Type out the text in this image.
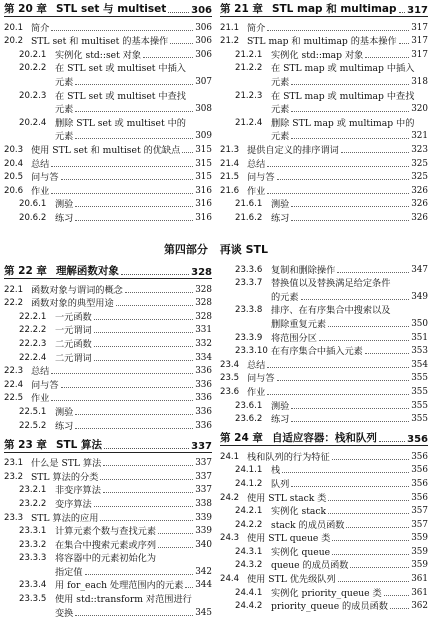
第 20 章 STL set 与 multiset 306
20.1 简介	306
20.2 STL set 和 multiset 的基本操作	306
20.2.1 实例化 std::set 对象	306
20.2.2 在 STL set 或 multiset 中插入
元素	307
20.2.3 在 STL set 或 multiset 中查找
元素	308
20.2.4 删除 STL set 或 multiset 中的
元素	309
20.3 使用 STL set 和 multiset 的优缺点 315
20.4 总结	315
20.5 问与答	315
20.6 作业	316
20.6.1 测验	316
20.6.2 练习	316
第 21 章 STL map 和 multimap 317
21.1 简介	317
21.2 STL map 和 multimap 的基本操作 317
21.2.1 实例化 std::map 对象	317
21.2.2 在 STL map 或 multimap 中插入
元素	318
21.2.3 在 STL map 或 multimap 中查找
元素	320
21.2.4 删除 STL map 或 multimap 中的
元素	321
21.3 提供自定义的排序谓词	323
21.4 总结	325
21.5 问与答	325
21.6 作业	326
21.6.1 测验	326
21.6.2 练习	326
第四部分 再谈 STL
第 22 章 理解函数对象	328
22.1 函数对象与谓词的概念	328
22.2 函数对象的典型用途	328
22.2.1 一元函数	328
22.2.2 一元谓词	331
22.2.3 二元函数	332
22.2.4 二元谓词	334
22.3 总结	336
22.4 问与答	336
22.5 作业	336
22.5.1 测验	336
22.5.2 练习	336
第 23 章 STL 算法	337
23.1 什么是 STL 算法	337
23.2 STL 算法的分类	337
23.2.1 非变序算法	337
23.2.2 变序算法	338
23.3 STL 算法的应用	339
23.3.1 计算元素个数与查找元素	339
23.3.2 在集合中搜索元素或序列	340
23.3.3 将容器中的元素初始化为
指定值	342
23.3.4 用 for_each 处理范围内的元素 344
23.3.5 使用 std::transform 对范围进行
变换	345
23.3.6 复制和删除操作	347
23.3.7 替换值以及替换满足给定条件
的元素	349
23.3.8 排序、在有序集合中搜索以及
删除重复元素	350
23.3.9 将范围分区	351
23.3.10 在有序集合中插入元素	353
23.4 总结	354
23.5 问与答	355
23.6 作业	355
23.6.1 测验	355
23.6.2 练习	355
第 24 章 自适应容器：栈和队列	356
24.1 栈和队列的行为特征	356
24.1.1 栈	356
24.1.2 队列	356
24.2 使用 STL stack 类	356
24.2.1 实例化 stack	357
24.2.2 stack 的成员函数	357
24.3 使用 STL queue 类	359
24.3.1 实例化 queue	359
24.3.2 queue 的成员函数	359
24.4 使用 STL 优先级队列	361
24.4.1 实例化 priority_queue 类	361
24.4.2 priority_queue 的成员函数	362
